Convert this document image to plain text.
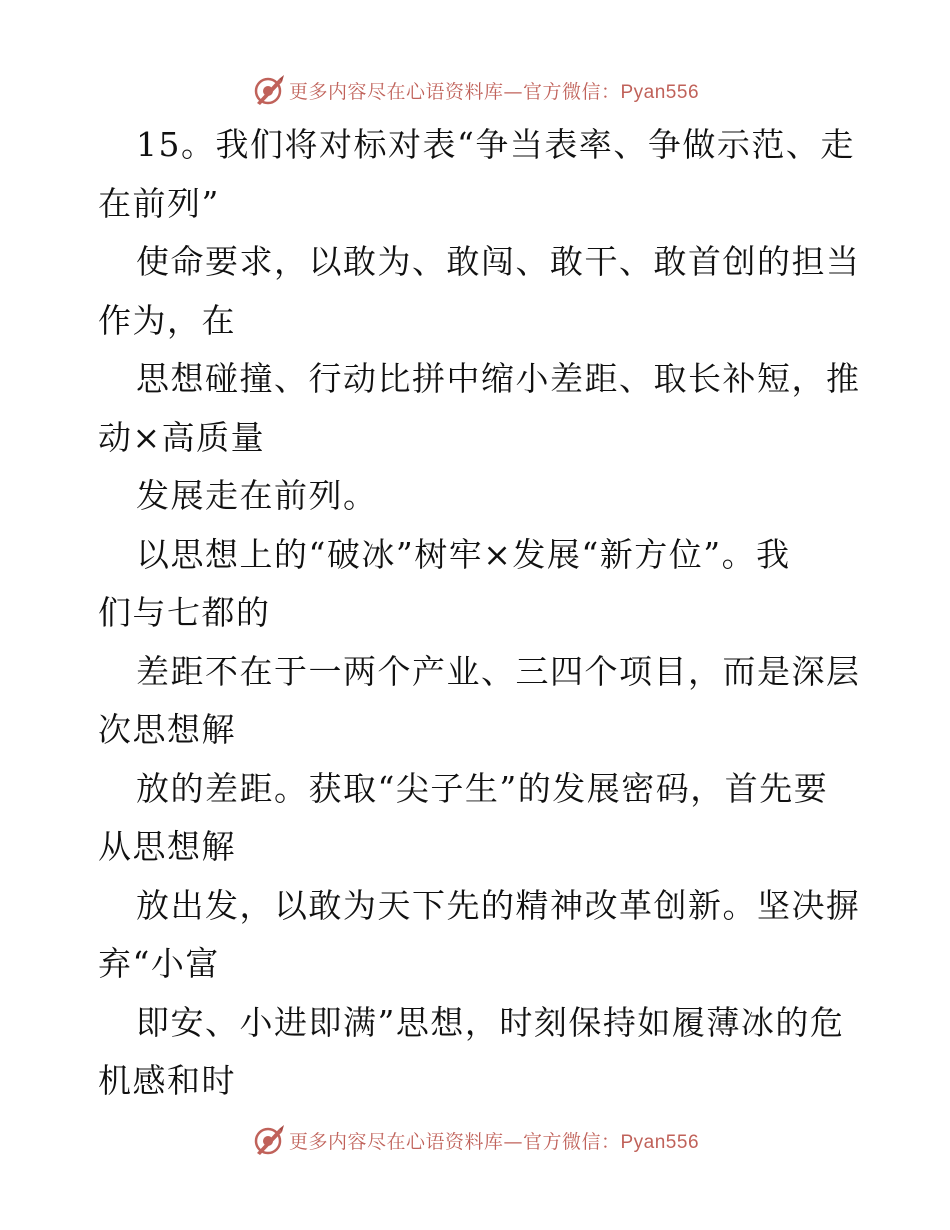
更多内容尽在心语资料库—官方微信：Pyan556
15。我们将对标对表“争当表率、争做示范、走
在前列”
使命要求，以敢为、敢闯、敢干、敢首创的担当
作为，在
思想碰撞、行动比拼中缩小差距、取长补短，推
动×高质量
发展走在前列。
以思想上的“破冰”树牢×发展“新方位”。我
们与七都的
差距不在于一两个产业、三四个项目，而是深层
次思想解
放的差距。获取“尖子生”的发展密码，首先要
从思想解
放出发，以敢为天下先的精神改革创新。坚决摒
弃“小富
即安、小进即满”思想，时刻保持如履薄冰的危
机感和时
更多内容尽在心语资料库—官方微信：Pyan556
